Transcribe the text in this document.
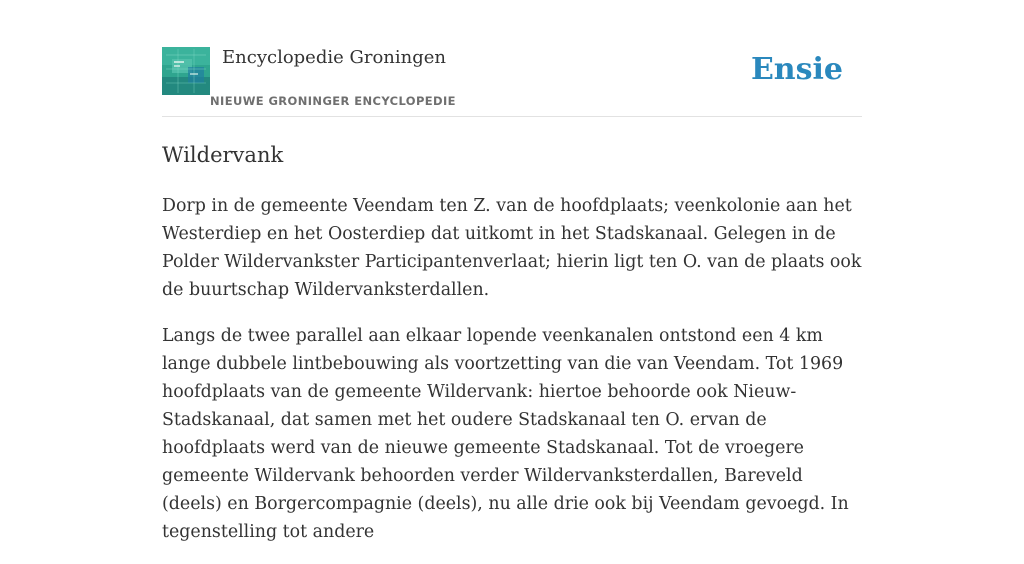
Encyclopedie Groningen
NIEUWE GRONINGER ENCYCLOPEDIE
Ensie
Wildervank

Dorp in de gemeente Veendam ten Z. van de hoofdplaats; veenkolonie aan het Westerdiep en het Oosterdiep dat uitkomt in het Stadskanaal. Gelegen in de Polder Wildervankster Participantenverlaat; hierin ligt ten O. van de plaats ook de buurtschap Wildervanksterdallen.

Langs de twee parallel aan elkaar lopende veenkanalen ontstond een 4 km lange dubbele lintbebouwing als voortzetting van die van Veendam. Tot 1969 hoofdplaats van de gemeente Wildervank: hiertoe behoorde ook Nieuw-Stadskanaal, dat samen met het oudere Stadskanaal ten O. ervan de hoofdplaats werd van de nieuwe gemeente Stadskanaal. Tot de vroegere gemeente Wildervank behoorden verder Wildervanksterdallen, Bareveld (deels) en Borgercompagnie (deels), nu alle drie ook bij Veendam gevoegd. In tegenstelling tot andere
